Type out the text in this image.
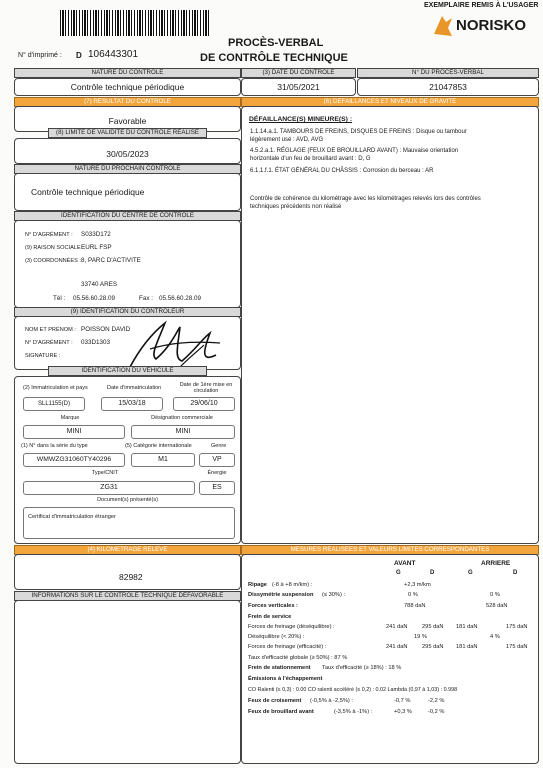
EXEMPLAIRE REMIS À L'USAGER
NORISKO
PROCÈS-VERBAL
DE CONTRÔLE TECHNIQUE
N° d'imprimé : D 106443301
NATURE DU CONTRÔLE
Contrôle technique périodique
(3) DATE DU CONTRÔLE
31/05/2021
N° DU PROCÈS-VERBAL
21047853
(7) RÉSULTAT DU CONTRÔLE
Favorable
(8) LIMITE DE VALIDITÉ DU CONTRÔLE RÉALISÉ
30/05/2023
NATURE DU PROCHAIN CONTRÔLE
Contrôle technique périodique
IDENTIFICATION DU CENTRE DE CONTRÔLE
N° D'AGRÉMENT : S033D172
(9) RAISON SOCIALE :
EURL FSP
(3) COORDONNÉES : 8, PARC D'ACTIVITE
33740 ARES
Tél : 05.56.60.28.09	Fax : 05.56.60.28.09
(9) IDENTIFICATION DU CONTRÔLEUR
NOM ET PRÉNOM : POISSON DAVID
N° D'AGRÉMENT : 033D1303
SIGNATURE :
IDENTIFICATION DU VÉHICULE
(2) Immatriculation et pays	Date d'immatriculation	Date de 1ère mise en circulation
SLL1155(D)	15/03/18	29/06/10
Marque	Désignation commerciale
MINI	MINI
(1) N° dans la série du type	(5) Catégorie internationale	Genre
WMWZG31060TY40296	M1	VP
Type/CNIT	Énergie
ZG31	ES
Document(s) présenté(s)
Certificat d'immatriculation étranger
(4) KILOMÉTRAGE RELEVÉ
82982
INFORMATIONS SUR LE CONTRÔLE TECHNIQUE DÉFAVORABLE
(6) DÉFAILLANCES ET NIVEAUX DE GRAVITÉ
DÉFAILLANCE(S) MINEURE(S) :
1.1.14.a.1. TAMBOURS DE FREINS, DISQUES DE FREINS : Disque ou tambour
légèrement usé : AVD, AVG
4.5.2.a.1. RÉGLAGE (FEUX DE BROUILLARD AVANT) : Mauvaise orientation
horizontale d'un feu de brouillard avant : D, G
6.1.1.f.1. ÉTAT GÉNÉRAL DU CHÂSSIS : Corrosion du berceau : AR
Contrôle de cohérence du kilométrage avec les kilométrages relevés lors des contrôles
techniques précédents non réalisé
MESURES RÉALISÉES ET VALEURS LIMITES CORRESPONDANTES
AVANT	ARRIERE
G	D	G	D
Ripage (-8 à +8 m/km) :	+2,3 m/km
Dissymétrie suspension (≤ 30%) :	0 %	0 %
Forces verticales :	788 daN	528 daN
Frein de service
Forces de freinage (déséquilibre) :	241 daN	295 daN 181 daN	175 daN
Déséquilibre (< 20%) :	19 %	4 %
Forces de freinage (efficacité) :	241 daN	295 daN 181 daN	175 daN
Taux d'efficacité globale (≥ 50%) : 87 %
Frein de stationnement Taux d'efficacité (≥ 18%) : 18 %
Émissions à l'échappement
CO Ralenti (≤ 0,3) : 0.00 CO ralenti accéléré (≤ 0,2) : 0.02 Lambda (0,97 à 1,03) : 0.998
Feux de croisement (-0,5% à -2,5%) :	-0,7 %	-2,2 %
Feux de brouillard avant	(-3,5% à -1%) :	+0,3 %	-0,2 %
